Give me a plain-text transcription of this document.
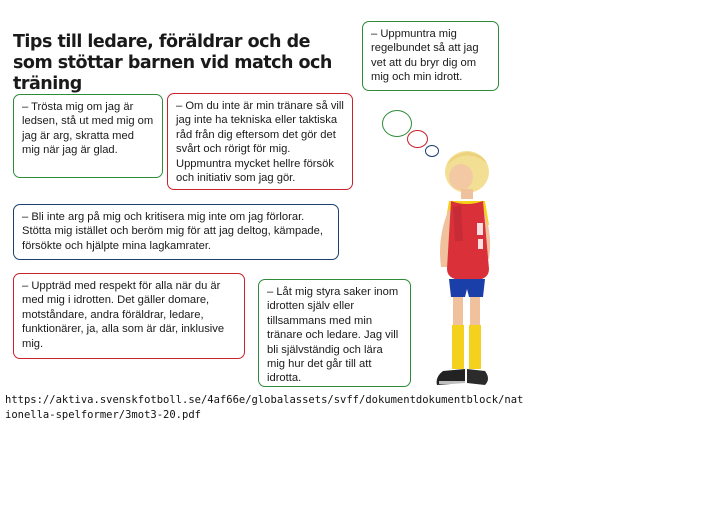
Tips till ledare, föräldrar och de som stöttar barnen vid match och träning
– Trösta mig om jag är ledsen, stå ut med mig om jag är arg, skratta med mig när jag är glad.
– Om du inte är min tränare så vill jag inte ha tekniska eller taktiska råd från dig eftersom det gör det svårt och rörigt för mig. Uppmuntra mycket hellre försök och initiativ som jag gör.
– Uppmuntra mig regelbundet så att jag vet att du bryr dig om mig och min idrott.
– Bli inte arg på mig och kritisera mig inte om jag förlorar. Stötta mig istället och beröm mig för att jag deltog, kämpade, försökte och hjälpte mina lagkamrater.
– Uppträd med respekt för alla när du är med mig i idrotten. Det gäller domare, motståndare, andra föräldrar, ledare, funktionärer, ja, alla som är där, inklusive mig.
– Låt mig styra saker inom idrotten själv eller tillsammans med min tränare och ledare. Jag vill bli självständig och lära mig hur det går till att idrotta.
https://aktiva.svenskfotboll.se/4af66e/globalassets/svff/dokumentdokumentblock/nationella-spelformer/3mot3-20.pdf
